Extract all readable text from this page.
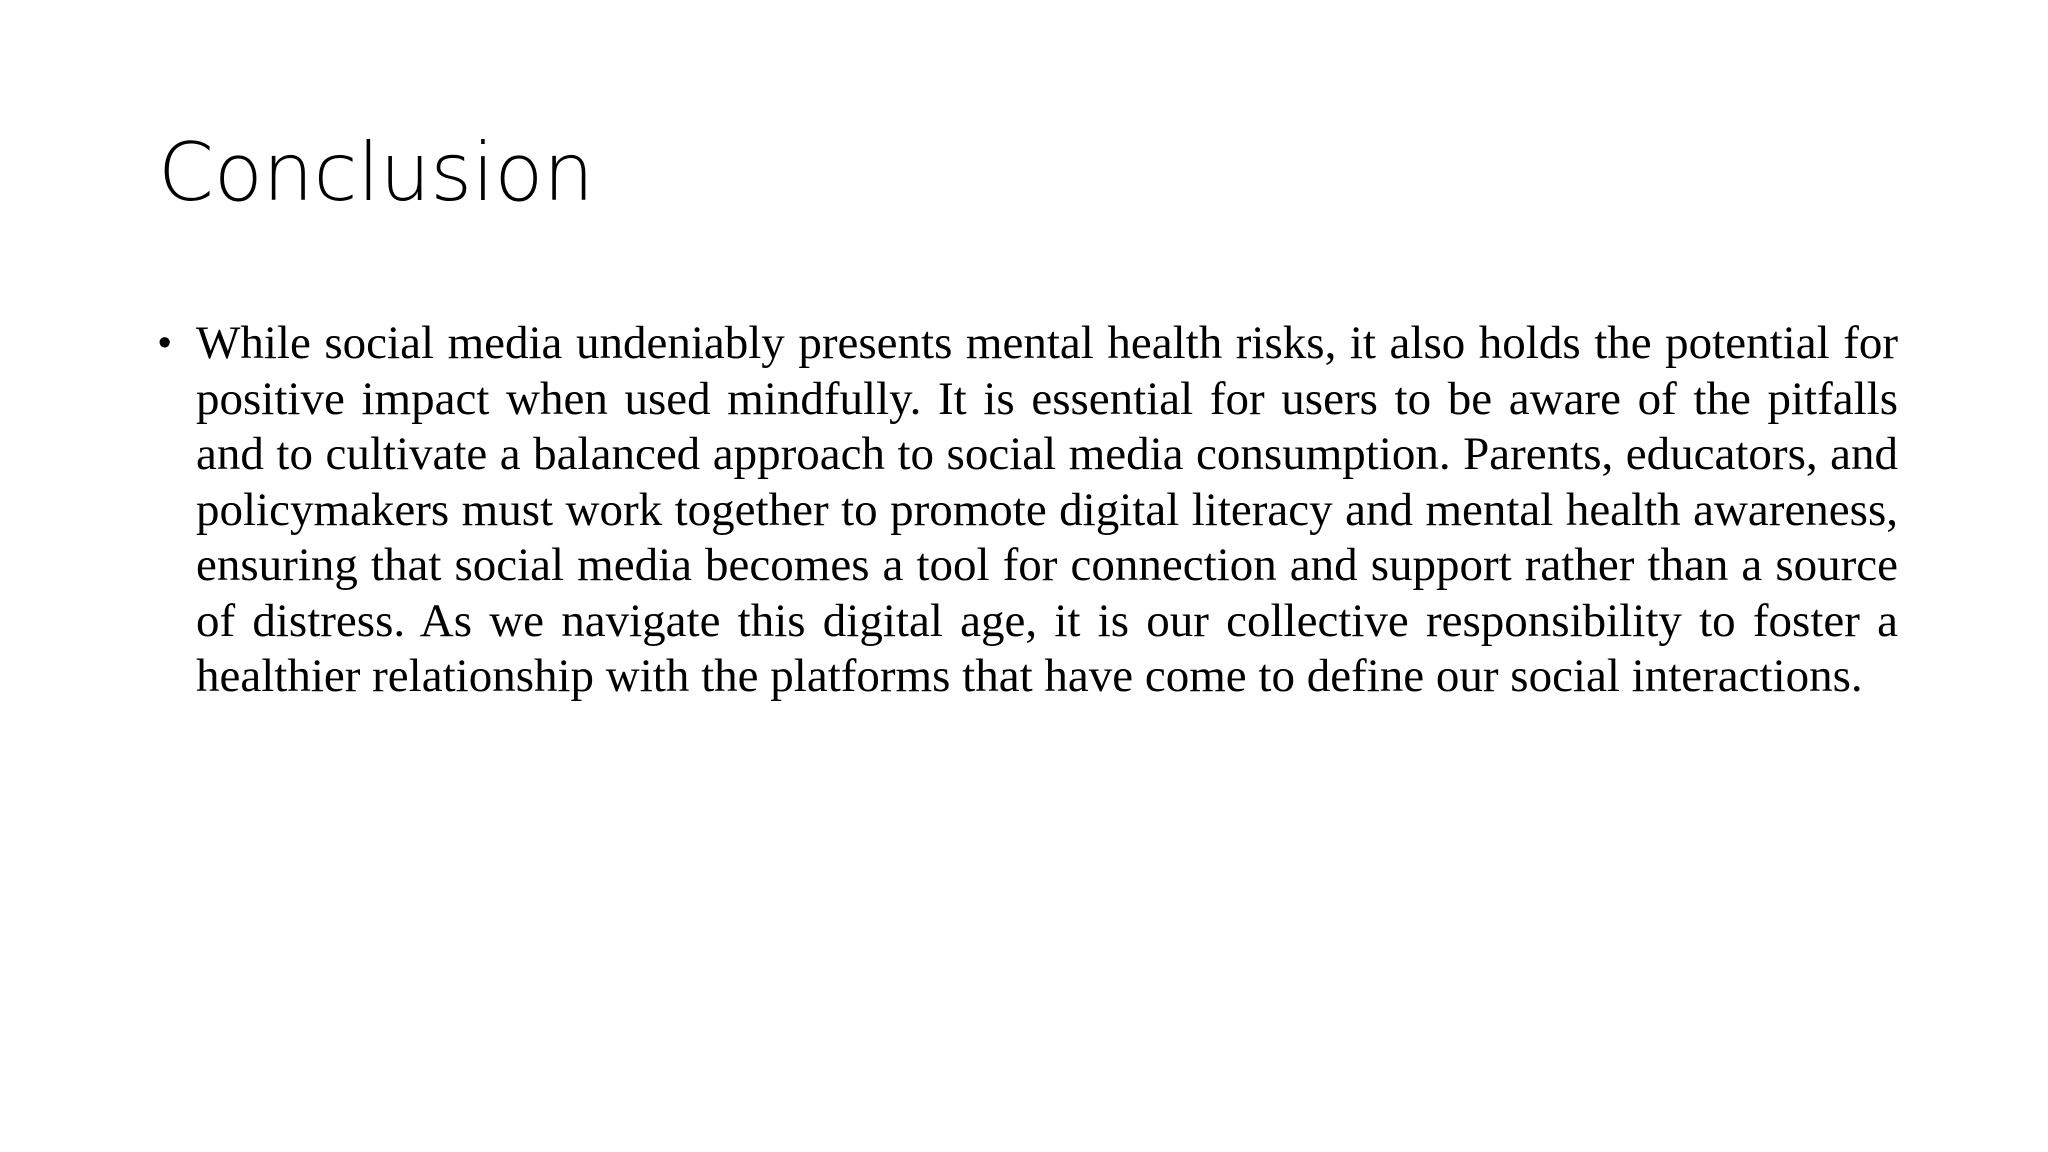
Conclusion
• While social media undeniably presents mental health risks, it also holds the potential for positive impact when used mindfully. It is essential for users to be aware of the pitfalls and to cultivate a balanced approach to social media consumption. Parents, educators, and policymakers must work together to promote digital literacy and mental health awareness, ensuring that social media becomes a tool for connection and support rather than a source of distress. As we navigate this digital age, it is our collective responsibility to foster a healthier relationship with the platforms that have come to define our social interactions.
